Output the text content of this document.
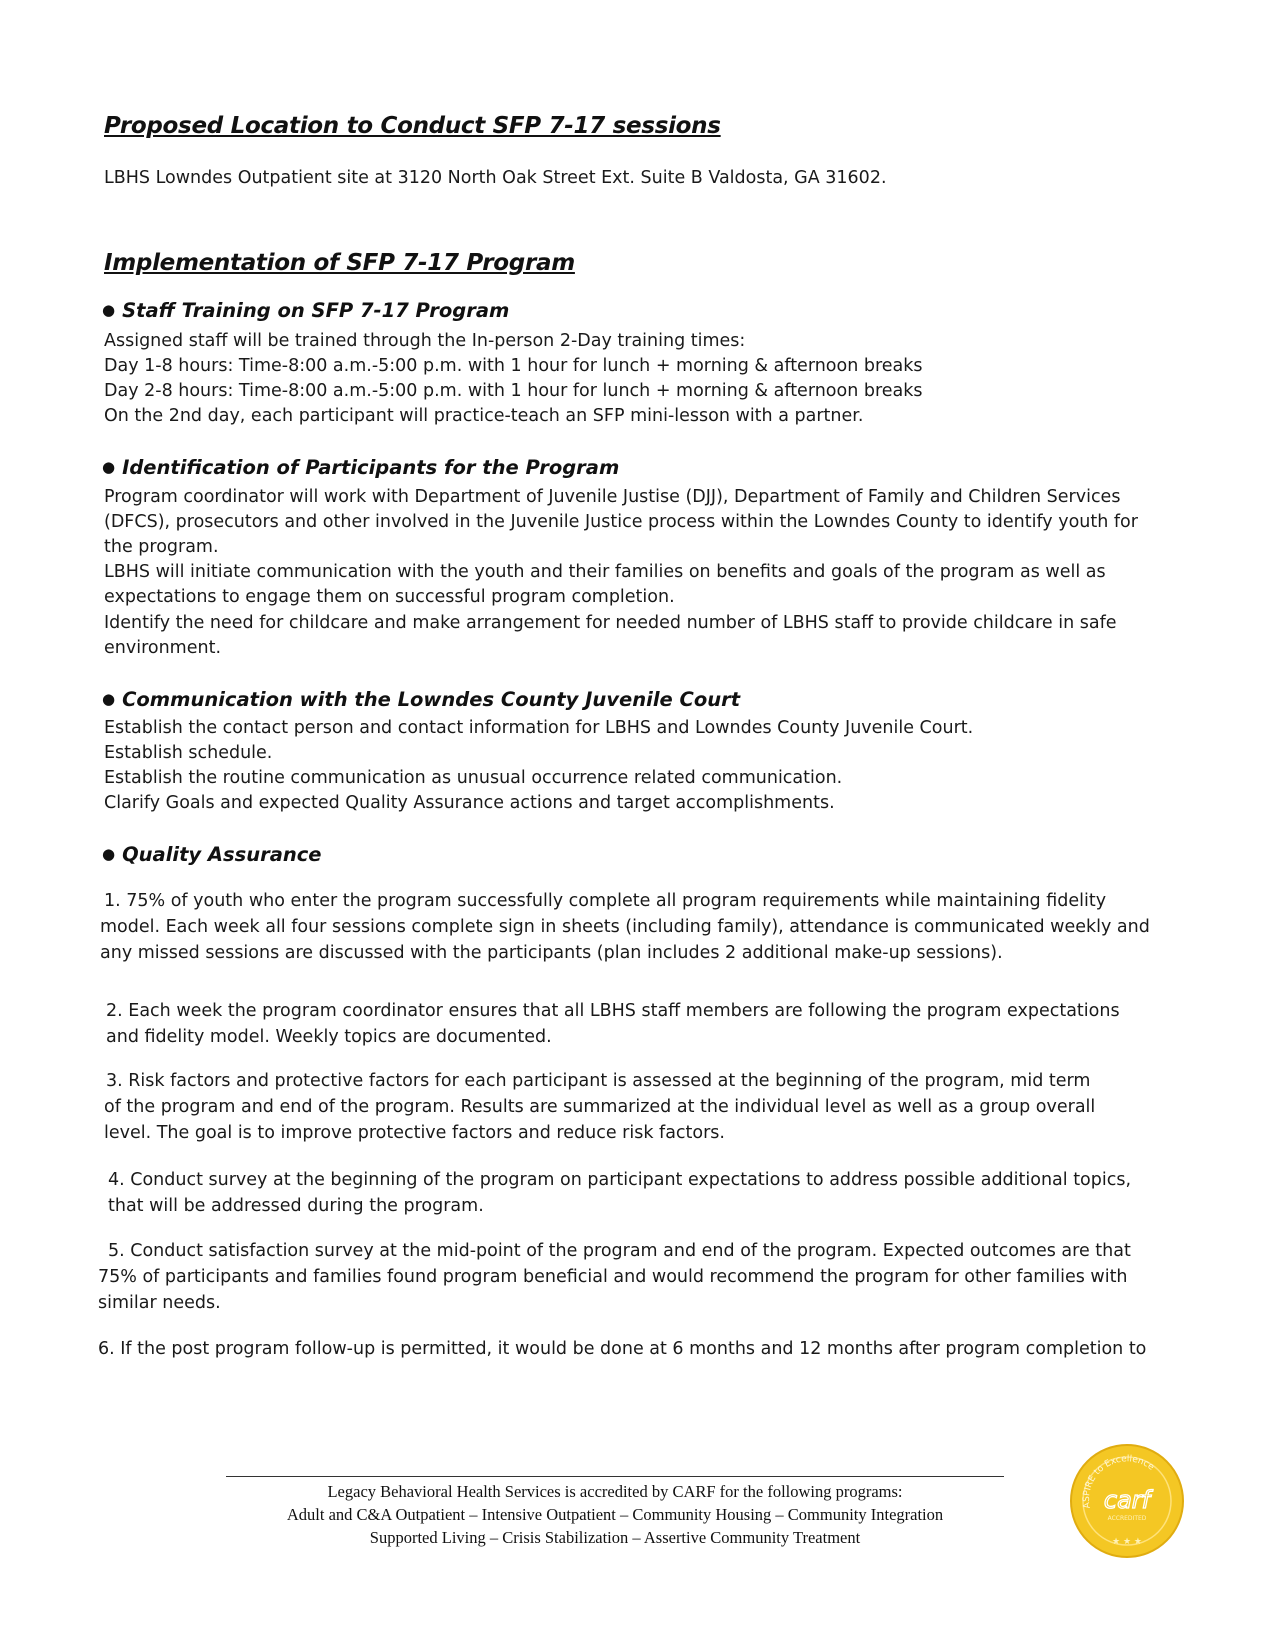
Proposed Location to Conduct SFP 7-17 sessions
LBHS Lowndes Outpatient site at 3120 North Oak Street Ext. Suite B Valdosta, GA 31602.
Implementation of SFP 7-17 Program
● Staff Training on SFP 7-17 Program
Assigned staff will be trained through the In-person 2-Day training times:
Day 1-8 hours: Time-8:00 a.m.-5:00 p.m. with 1 hour for lunch + morning & afternoon breaks
Day 2-8 hours: Time-8:00 a.m.-5:00 p.m. with 1 hour for lunch + morning & afternoon breaks
On the 2nd day, each participant will practice-teach an SFP mini-lesson with a partner.
● Identification of Participants for the Program
Program coordinator will work with Department of Juvenile Justise (DJJ), Department of Family and Children Services
(DFCS), prosecutors and other involved in the Juvenile Justice process within the Lowndes County to identify youth for
the program.
LBHS will initiate communication with the youth and their families on benefits and goals of the program as well as
expectations to engage them on successful program completion.
Identify the need for childcare and make arrangement for needed number of LBHS staff to provide childcare in safe
environment.
● Communication with the Lowndes County Juvenile Court
Establish the contact person and contact information for LBHS and Lowndes County Juvenile Court.
Establish schedule.
Establish the routine communication as unusual occurrence related communication.
Clarify Goals and expected Quality Assurance actions and target accomplishments.
● Quality Assurance
1. 75% of youth who enter the program successfully complete all program requirements while maintaining fidelity
model. Each week all four sessions complete sign in sheets (including family), attendance is communicated weekly and
any missed sessions are discussed with the participants (plan includes 2 additional make-up sessions).
2. Each week the program coordinator ensures that all LBHS staff members are following the program expectations
and fidelity model. Weekly topics are documented.
3. Risk factors and protective factors for each participant is assessed at the beginning of the program, mid term
of the program and end of the program. Results are summarized at the individual level as well as a group overall
level. The goal is to improve protective factors and reduce risk factors.
4. Conduct survey at the beginning of the program on participant expectations to address possible additional topics,
that will be addressed during the program.
5. Conduct satisfaction survey at the mid-point of the program and end of the program. Expected outcomes are that
75% of participants and families found program beneficial and would recommend the program for other families with
similar needs.
6. If the post program follow-up is permitted, it would be done at 6 months and 12 months after program completion to
Legacy Behavioral Health Services is accredited by CARF for the following programs:
Adult and C&A Outpatient – Intensive Outpatient – Community Housing – Community Integration
Supported Living – Crisis Stabilization – Assertive Community Treatment
ASPIRE to Excellence
carf
ACCREDITED
★ ★ ★
